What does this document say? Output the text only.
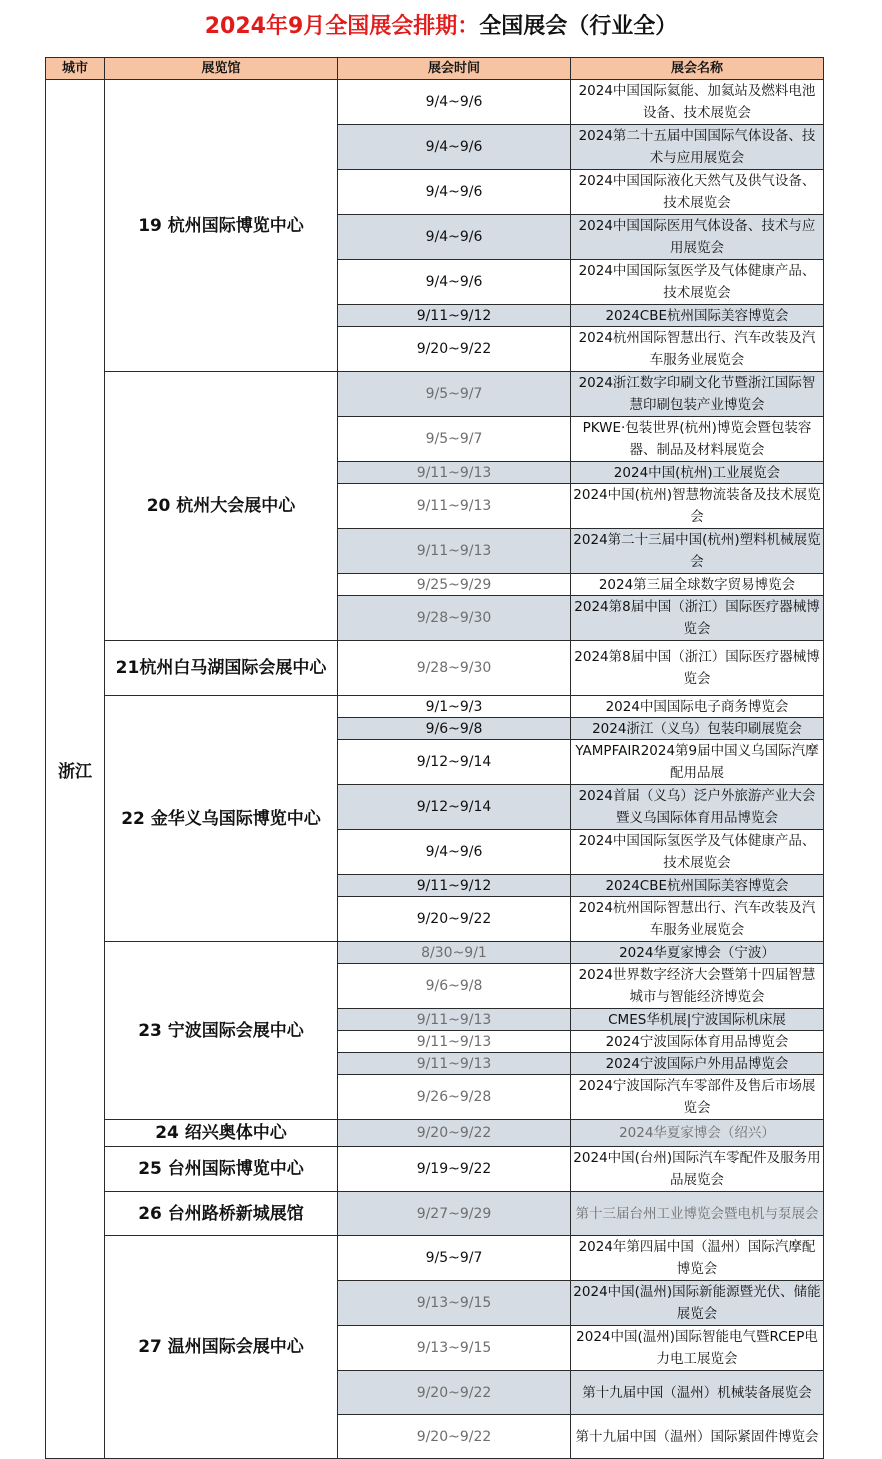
2024年9月全国展会排期：全国展会（行业全）
城市	展览馆	展会时间	展会名称
浙江	19 杭州国际博览中心	9/4~9/6	2024中国国际氦能、加氦站及燃料电池设备、技术展览会
		9/4~9/6	2024第二十五届中国国际气体设备、技术与应用展览会
		9/4~9/6	2024中国国际液化天然气及供气设备、技术展览会
		9/4~9/6	2024中国国际医用气体设备、技术与应用展览会
		9/4~9/6	2024中国国际氢医学及气体健康产品、技术展览会
		9/11~9/12	2024CBE杭州国际美容博览会
		9/20~9/22	2024杭州国际智慧出行、汽车改装及汽车服务业展览会
	20 杭州大会展中心	9/5~9/7	2024浙江数字印刷文化节暨浙江国际智慧印刷包装产业博览会
		9/5~9/7	PKWE·包装世界(杭州)博览会暨包装容器、制品及材料展览会
		9/11~9/13	2024中国(杭州)工业展览会
		9/11~9/13	2024中国(杭州)智慧物流装备及技术展览会
		9/11~9/13	2024第二十三届中国(杭州)塑料机械展览会
		9/25~9/29	2024第三届全球数字贸易博览会
		9/28~9/30	2024第8届中国（浙江）国际医疗器械博览会
	21杭州白马湖国际会展中心	9/28~9/30	2024第8届中国（浙江）国际医疗器械博览会
	22 金华义乌国际博览中心	9/1~9/3	2024中国国际电子商务博览会
		9/6~9/8	2024浙江（义乌）包装印刷展览会
		9/12~9/14	YAMPFAIR2024第9届中国义乌国际汽摩配用品展
		9/12~9/14	2024首届（义乌）泛户外旅游产业大会暨义乌国际体育用品博览会
		9/4~9/6	2024中国国际氢医学及气体健康产品、技术展览会
		9/11~9/12	2024CBE杭州国际美容博览会
		9/20~9/22	2024杭州国际智慧出行、汽车改装及汽车服务业展览会
	23 宁波国际会展中心	8/30~9/1	2024华夏家博会（宁波）
		9/6~9/8	2024世界数字经济大会暨第十四届智慧城市与智能经济博览会
		9/11~9/13	CMES华机展|宁波国际机床展
		9/11~9/13	2024宁波国际体育用品博览会
		9/11~9/13	2024宁波国际户外用品博览会
		9/26~9/28	2024宁波国际汽车零部件及售后市场展览会
	24 绍兴奥体中心	9/20~9/22	2024华夏家博会（绍兴）
	25 台州国际博览中心	9/19~9/22	2024中国(台州)国际汽车零配件及服务用品展览会
	26 台州路桥新城展馆	9/27~9/29	第十三届台州工业博览会暨电机与泵展会
	27 温州国际会展中心	9/5~9/7	2024年第四届中国（温州）国际汽摩配博览会
		9/13~9/15	2024中国(温州)国际新能源暨光伏、储能展览会
		9/13~9/15	2024中国(温州)国际智能电气暨RCEP电力电工展览会
		9/20~9/22	第十九届中国（温州）机械装备展览会
		9/20~9/22	第十九届中国（温州）国际紧固件博览会
